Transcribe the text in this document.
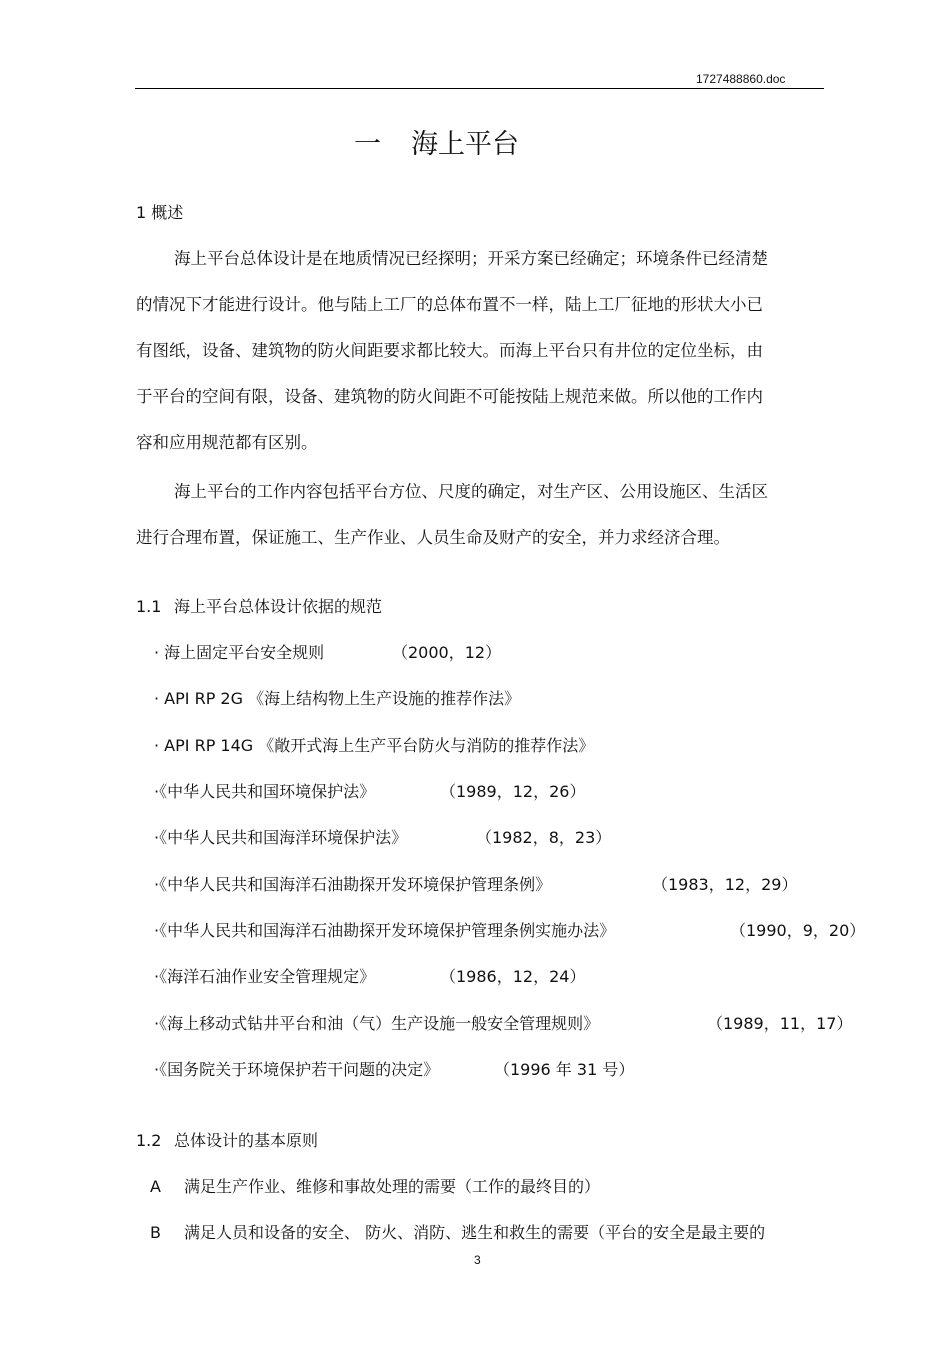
1727488860.doc
一 海上平台
1 概述
海上平台总体设计是在地质情况已经探明；开采方案已经确定；环境条件已经清楚
的情况下才能进行设计。他与陆上工厂的总体布置不一样，陆上工厂征地的形状大小已
有图纸，设备、建筑物的防火间距要求都比较大。而海上平台只有井位的定位坐标，由
于平台的空间有限，设备、建筑物的防火间距不可能按陆上规范来做。所以他的工作内
容和应用规范都有区别。
海上平台的工作内容包括平台方位、尺度的确定，对生产区、公用设施区、生活区
进行合理布置，保证施工、生产作业、人员生命及财产的安全，并力求经济合理。
1.1 海上平台总体设计依据的规范
· 海上固定平台安全规则	（2000，12）
· API RP 2G 《海上结构物上生产设施的推荐作法》
· API RP 14G 《敞开式海上生产平台防火与消防的推荐作法》
·《中华人民共和国环境保护法》	（1989，12，26）
·《中华人民共和国海洋环境保护法》	（1982，8，23）
·《中华人民共和国海洋石油勘探开发环境保护管理条例》	（1983，12，29）
·《中华人民共和国海洋石油勘探开发环境保护管理条例实施办法》	（1990，9，20）
·《海洋石油作业安全管理规定》	（1986，12，24）
·《海上移动式钻井平台和油（气）生产设施一般安全管理规则》	（1989，11，17）
·《国务院关于环境保护若干问题的决定》	（1996 年 31 号）
1.2 总体设计的基本原则
A 满足生产作业、维修和事故处理的需要（工作的最终目的）
B 满足人员和设备的安全、 防火、消防、逃生和救生的需要（平台的安全是最主要的
3
